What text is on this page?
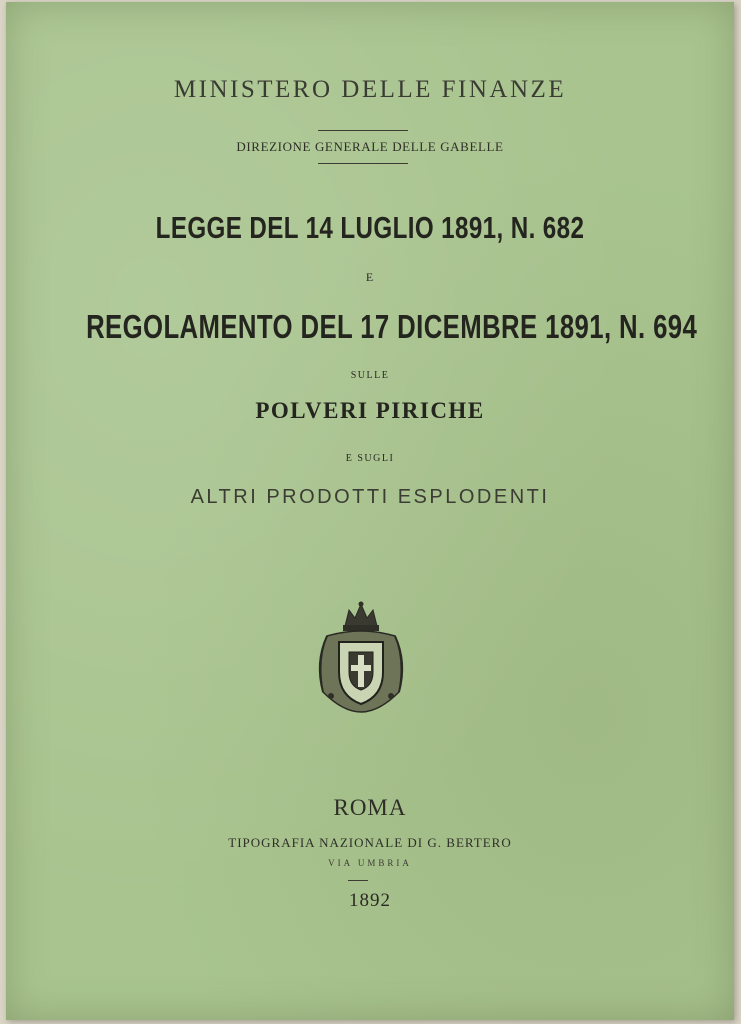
MINISTERO DELLE FINANZE
DIREZIONE GENERALE DELLE GABELLE
LEGGE DEL 14 LUGLIO 1891, N. 682
E
REGOLAMENTO DEL 17 DICEMBRE 1891, N. 694
SULLE
POLVERI PIRICHE
E SUGLI
ALTRI PRODOTTI ESPLODENTI
ROMA
TIPOGRAFIA NAZIONALE DI G. BERTERO
VIA UMBRIA
1892
